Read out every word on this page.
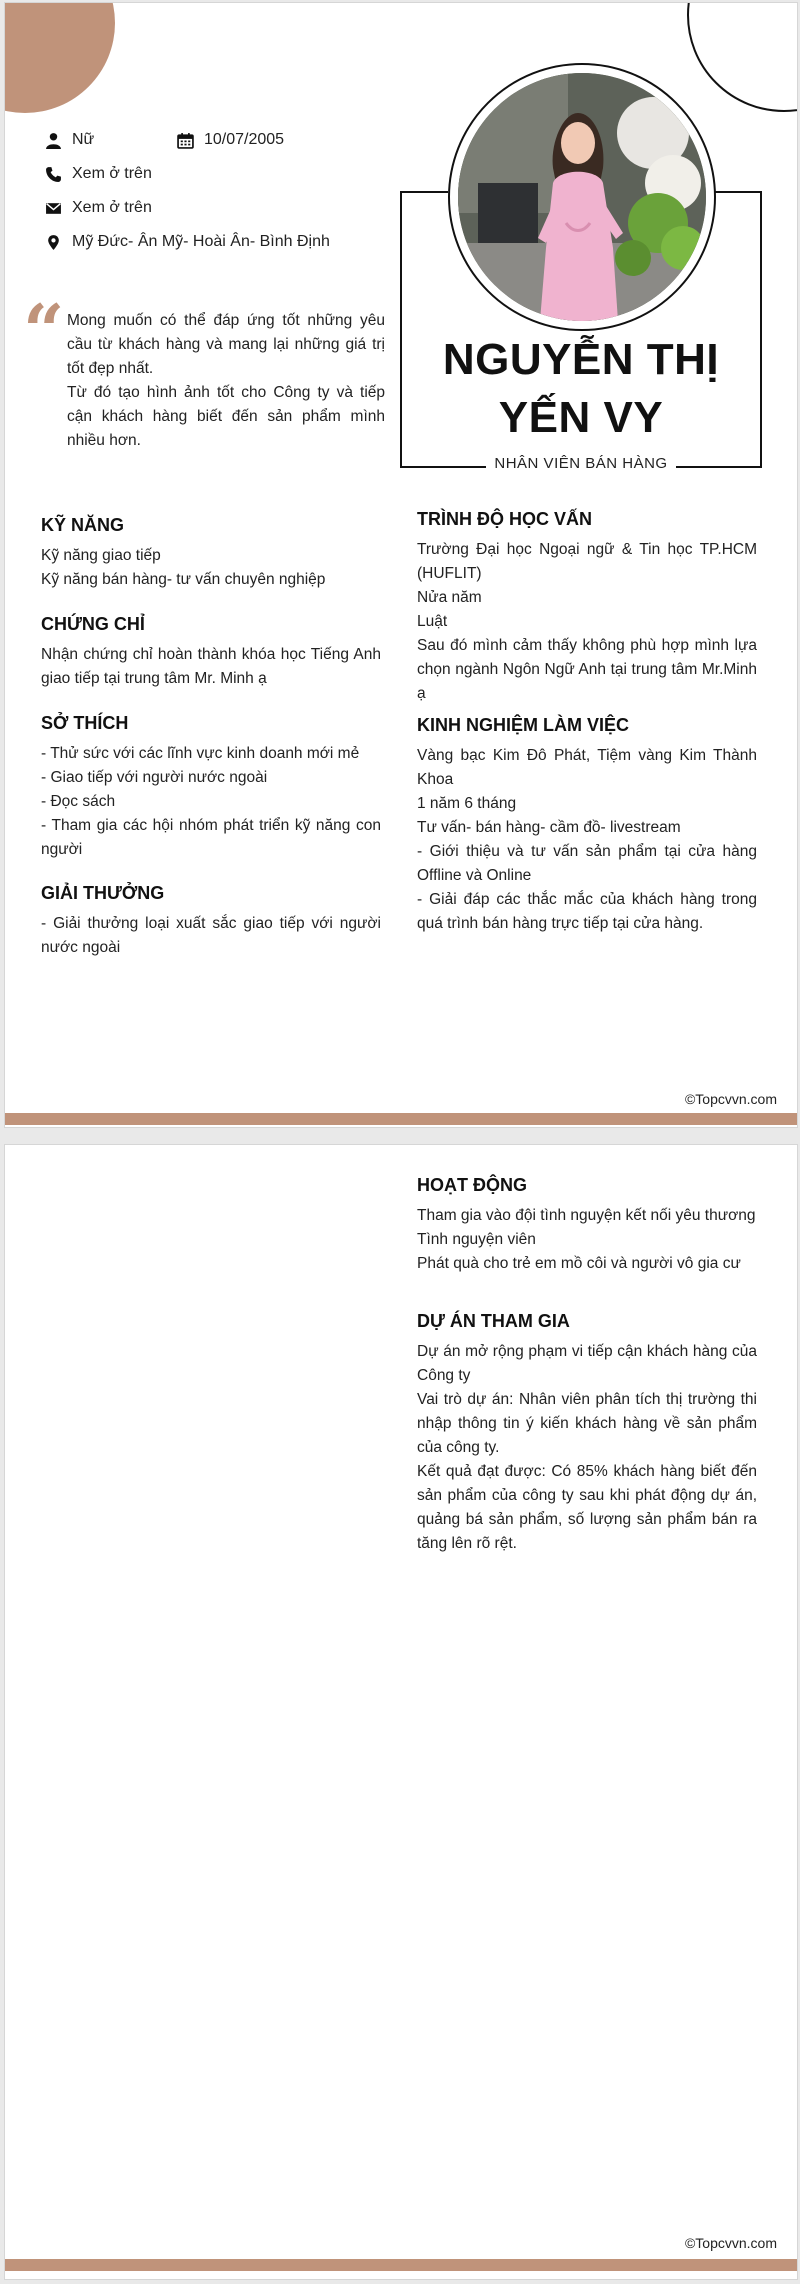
Nữ	10/07/2005
Xem ở trên
Xem ở trên
Mỹ Đức- Ân Mỹ- Hoài Ân- Bình Định
“ Mong muốn có thể đáp ứng tốt những yêu cầu từ khách hàng và mang lại những giá trị tốt đẹp nhất.
Từ đó tạo hình ảnh tốt cho Công ty và tiếp cận khách hàng biết đến sản phẩm mình nhiều hơn.
NGUYỄN THỊ
YẾN VY
NHÂN VIÊN BÁN HÀNG
KỸ NĂNG
Kỹ năng giao tiếp
Kỹ năng bán hàng- tư vấn chuyên nghiệp
CHỨNG CHỈ
Nhận chứng chỉ hoàn thành khóa học Tiếng Anh giao tiếp tại trung tâm Mr. Minh ạ
SỞ THÍCH
- Thử sức với các lĩnh vực kinh doanh mới mẻ
- Giao tiếp với người nước ngoài
- Đọc sách
- Tham gia các hội nhóm phát triển kỹ năng con người
GIẢI THƯỞNG
- Giải thưởng loại xuất sắc giao tiếp với người nước ngoài
TRÌNH ĐỘ HỌC VẤN
Trường Đại học Ngoại ngữ & Tin học TP.HCM (HUFLIT)
Nửa năm
Luật
Sau đó mình cảm thấy không phù hợp mình lựa chọn ngành Ngôn Ngữ Anh tại trung tâm Mr.Minh ạ
KINH NGHIỆM LÀM VIỆC
Vàng bạc Kim Đô Phát, Tiệm vàng Kim Thành Khoa
1 năm 6 tháng
Tư vấn- bán hàng- cầm đồ- livestream
- Giới thiệu và tư vấn sản phẩm tại cửa hàng Offline và Online
- Giải đáp các thắc mắc của khách hàng trong quá trình bán hàng trực tiếp tại cửa hàng.
©Topcvvn.com
HOẠT ĐỘNG
Tham gia vào đội tình nguyện kết nối yêu thương
Tình nguyện viên
Phát quà cho trẻ em mồ côi và người vô gia cư
DỰ ÁN THAM GIA
Dự án mở rộng phạm vi tiếp cận khách hàng của Công ty
Vai trò dự án: Nhân viên phân tích thị trường thi nhập thông tin ý kiến khách hàng về sản phẩm của công ty.
Kết quả đạt được: Có 85% khách hàng biết đến sản phẩm của công ty sau khi phát động dự án, quảng bá sản phẩm, số lượng sản phẩm bán ra tăng lên rõ rệt.
©Topcvvn.com
